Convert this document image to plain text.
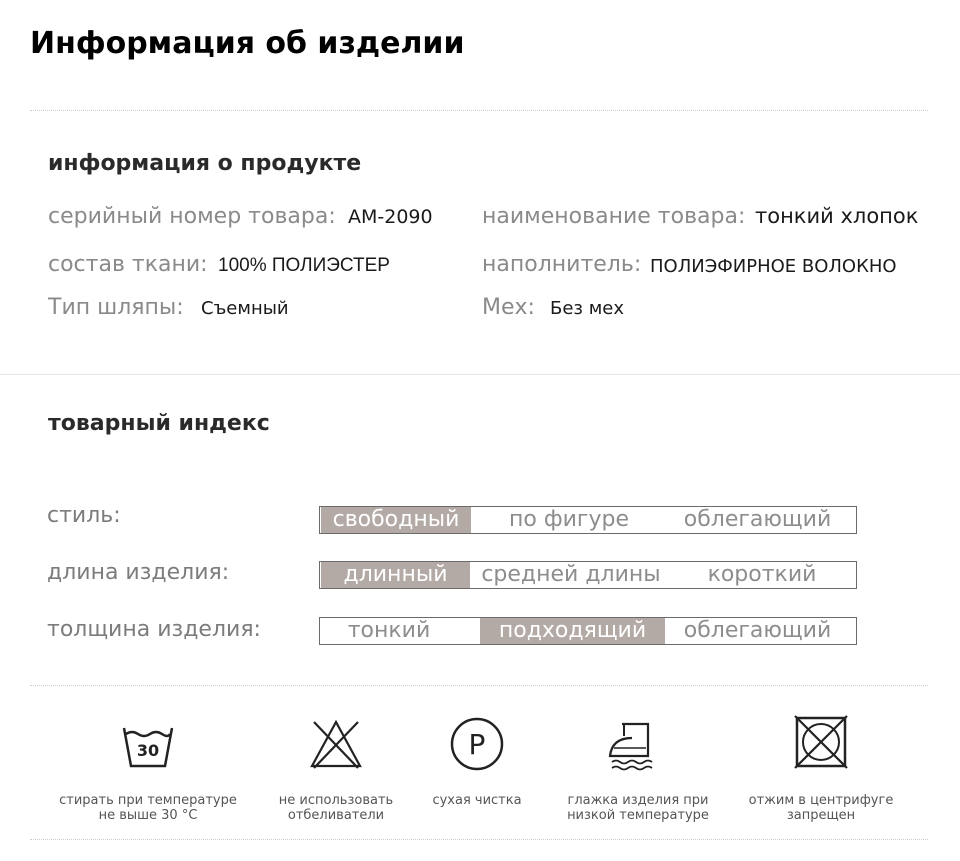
Информация об изделии
информация о продукте
серийный номер товара: AM-2090 наименование товара: тонкий хлопок
состав ткани: 100% ПОЛИЭСТЕР	наполнитель: ПОЛИЭФИРНОЕ ВОЛОКНО
Тип шляпы: Съемный	Мех: Без мех
товарный индекс
стиль:	свободный	по фигуре	облегающий
длина изделия:	длинный	средней длины	короткий
толщина изделия:	тонкий	подходящий	облегающий
30	P
стирать при температуре
не выше 30 °С
не использовать
отбеливатели
сухая чистка	глажка изделия при
низкой температуре
отжим в центрифуге
запрещен
